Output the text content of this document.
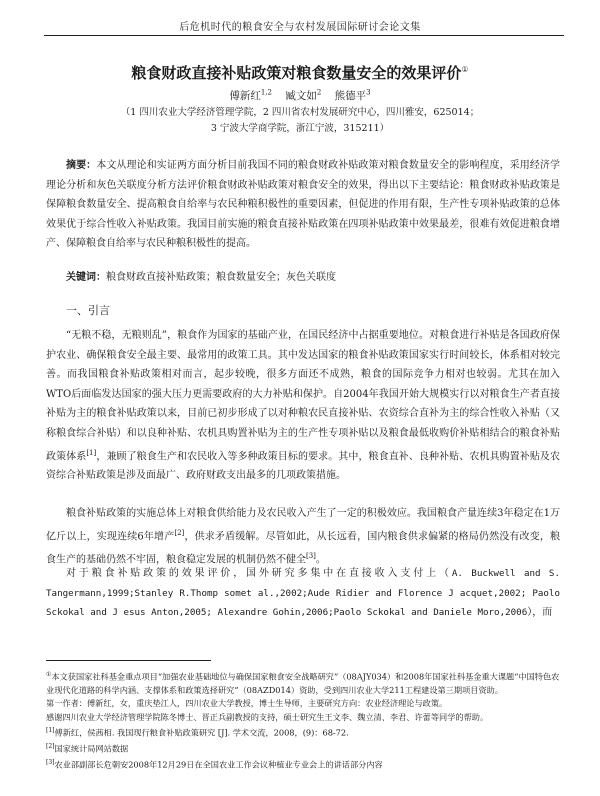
后危机时代的粮食安全与农村发展国际研讨会论文集
粮食财政直接补贴政策对粮食数量安全的效果评价①
傅新红$^{1,2}$ 臧文如$^2$ 熊德平$^3$
（1 四川农业大学经济管理学院，2 四川省农村发展研究中心，四川雅安，625014；
3 宁波大学商学院，浙江宁波，315211）
摘要：本文从理论和实证两方面分析目前我国不同的粮食财政补贴政策对粮食数量安全的影响程度，采用经济学理论分析和灰色关联度分析方法评价粮食财政补贴政策对粮食安全的效果，得出以下主要结论：粮食财政补贴政策是保障粮食数量安全、提高粮食自给率与农民种粮积极性的重要因素，但促进的作用有限，生产性专项补贴政策的总体效果优于综合性收入补贴政策。我国目前实施的粮食直接补贴政策在四项补贴政策中效果最差，很难有效促进粮食增产、保障粮食自给率与农民种粮积极性的提高。
关键词：粮食财政直接补贴政策；粮食数量安全；灰色关联度
一、引言
“无粮不稳，无粮则乱”，粮食作为国家的基础产业，在国民经济中占据重要地位。对粮食进行补贴是各国政府保护农业、确保粮食安全最主要、最常用的政策工具。其中发达国家的粮食补贴政策国家实行时间较长，体系相对较完善。而我国粮食补贴政策相对而言，起步较晚，很多方面还不成熟，粮食的国际竞争力相对也较弱。尤其在加入WTO后面临发达国家的强大压力更需要政府的大力补贴和保护。自2004年我国开始大规模实行以对粮食生产者直接补贴为主的粮食补贴政策以来，目前已初步形成了以对种粮农民直接补贴、农资综合直补为主的综合性收入补贴（又称粮食综合补贴）和以良种补贴、农机具购置补贴为主的生产性专项补贴以及粮食最低收购价补贴相结合的粮食补贴政策体系[1]，兼顾了粮食生产和农民收入等多种政策目标的要求。其中，粮食直补、良种补贴、农机具购置补贴及农资综合补贴政策是涉及面最广、政府财政支出最多的几项政策措施。
粮食补贴政策的实施总体上对粮食供给能力及农民收入产生了一定的积极效应。我国粮食产量连续3年稳定在1万亿斤以上，实现连续6年增产[2]，供求矛盾缓解。尽管如此，从长远看，国内粮食供求偏紧的格局仍然没有改变，粮食生产的基础仍然不牢固，粮食稳定发展的机制仍然不健全[3]。
对于粮食补贴政策的效果评价，国外研究多集中在直接收入支付上（A. Buckwell and S. Tangermann,1999;Stanley R.Thomp somet al.,2002;Aude Ridier and Florence J acquet,2002; Paolo Sckokal and J esus Anton,2005; Alexandre Gohin,2006;Paolo Sckokal and Daniele Moro,2006），而

①本文获国家社科基金重点项目“加强农业基础地位与确保国家粮食安全战略研究”（08AJY034）和2008年国家社科基金重大课题“中国特色农业现代化道路的科学内涵、支撑体系和政策选择研究”（08AZD014）资助，受到四川农业大学211工程建设第三期项目资助。

第一作者：傅新红，女，重庆垫江人，四川农业大学教授，博士生导师，主要研究方向：农业经济理论与政策。

感谢四川农业大学经济管理学院陈冬博士、晋正兵副教授的支持，硕士研究生王文李、魏立清、李君、许蕾等同学的帮助。

[1]傅新红，侯茜相. 我国现行粮食补贴政策研究 [J]. 学术交流，2008，(9)：68-72.

[2]国家统计局网站数据

[3]农业部副部长危朝安2008年12月29日在全国农业工作会议种植业专业会上的讲话部分内容
